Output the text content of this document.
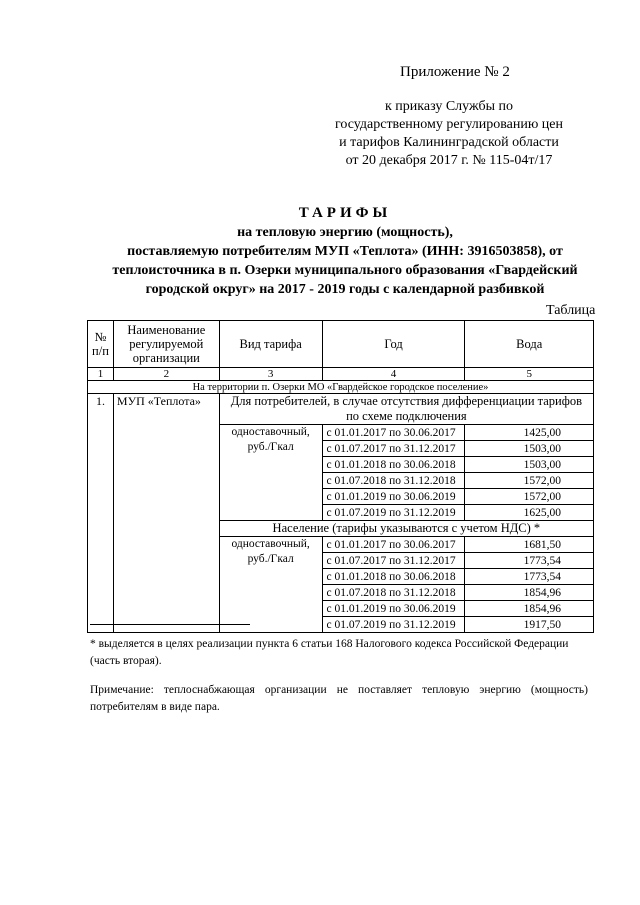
Приложение № 2
к приказу Службы по
государственному регулированию цен
и тарифов Калининградской области
от 20 декабря 2017 г. № 115-04т/17
ТАРИФЫ
на тепловую энергию (мощность),
поставляемую потребителям МУП «Теплота» (ИНН: 3916503858), от
теплоисточника в п. Озерки муниципального образования «Гвардейский
городской округ» на 2017 - 2019 годы с календарной разбивкой
Таблица
№ п/п	Наименование регулируемой организации	Вид тарифа	Год	Вода
1	2	3	4	5
На территории п. Озерки МО «Гвардейское городское поселение»				
1.	МУП «Теплота»	Для потребителей, в случае отсутствия дифференциации тарифов по схеме подключения		
		одноставочный, руб./Гкал	с 01.01.2017 по 30.06.2017	1425,00
			с 01.07.2017 по 31.12.2017	1503,00
			с 01.01.2018 по 30.06.2018	1503,00
			с 01.07.2018 по 31.12.2018	1572,00
			с 01.01.2019 по 30.06.2019	1572,00
			с 01.07.2019 по 31.12.2019	1625,00
		Население (тарифы указываются с учетом НДС) *		
		одноставочный, руб./Гкал	с 01.01.2017 по 30.06.2017	1681,50
			с 01.07.2017 по 31.12.2017	1773,54
			с 01.01.2018 по 30.06.2018	1773,54
			с 01.07.2018 по 31.12.2018	1854,96
			с 01.01.2019 по 30.06.2019	1854,96
			с 01.07.2019 по 31.12.2019	1917,50
* выделяется в целях реализации пункта 6 статьи 168 Налогового кодекса Российской Федерации (часть вторая).
Примечание: теплоснабжающая организации не поставляет тепловую энергию (мощность) потребителям в виде пара.
